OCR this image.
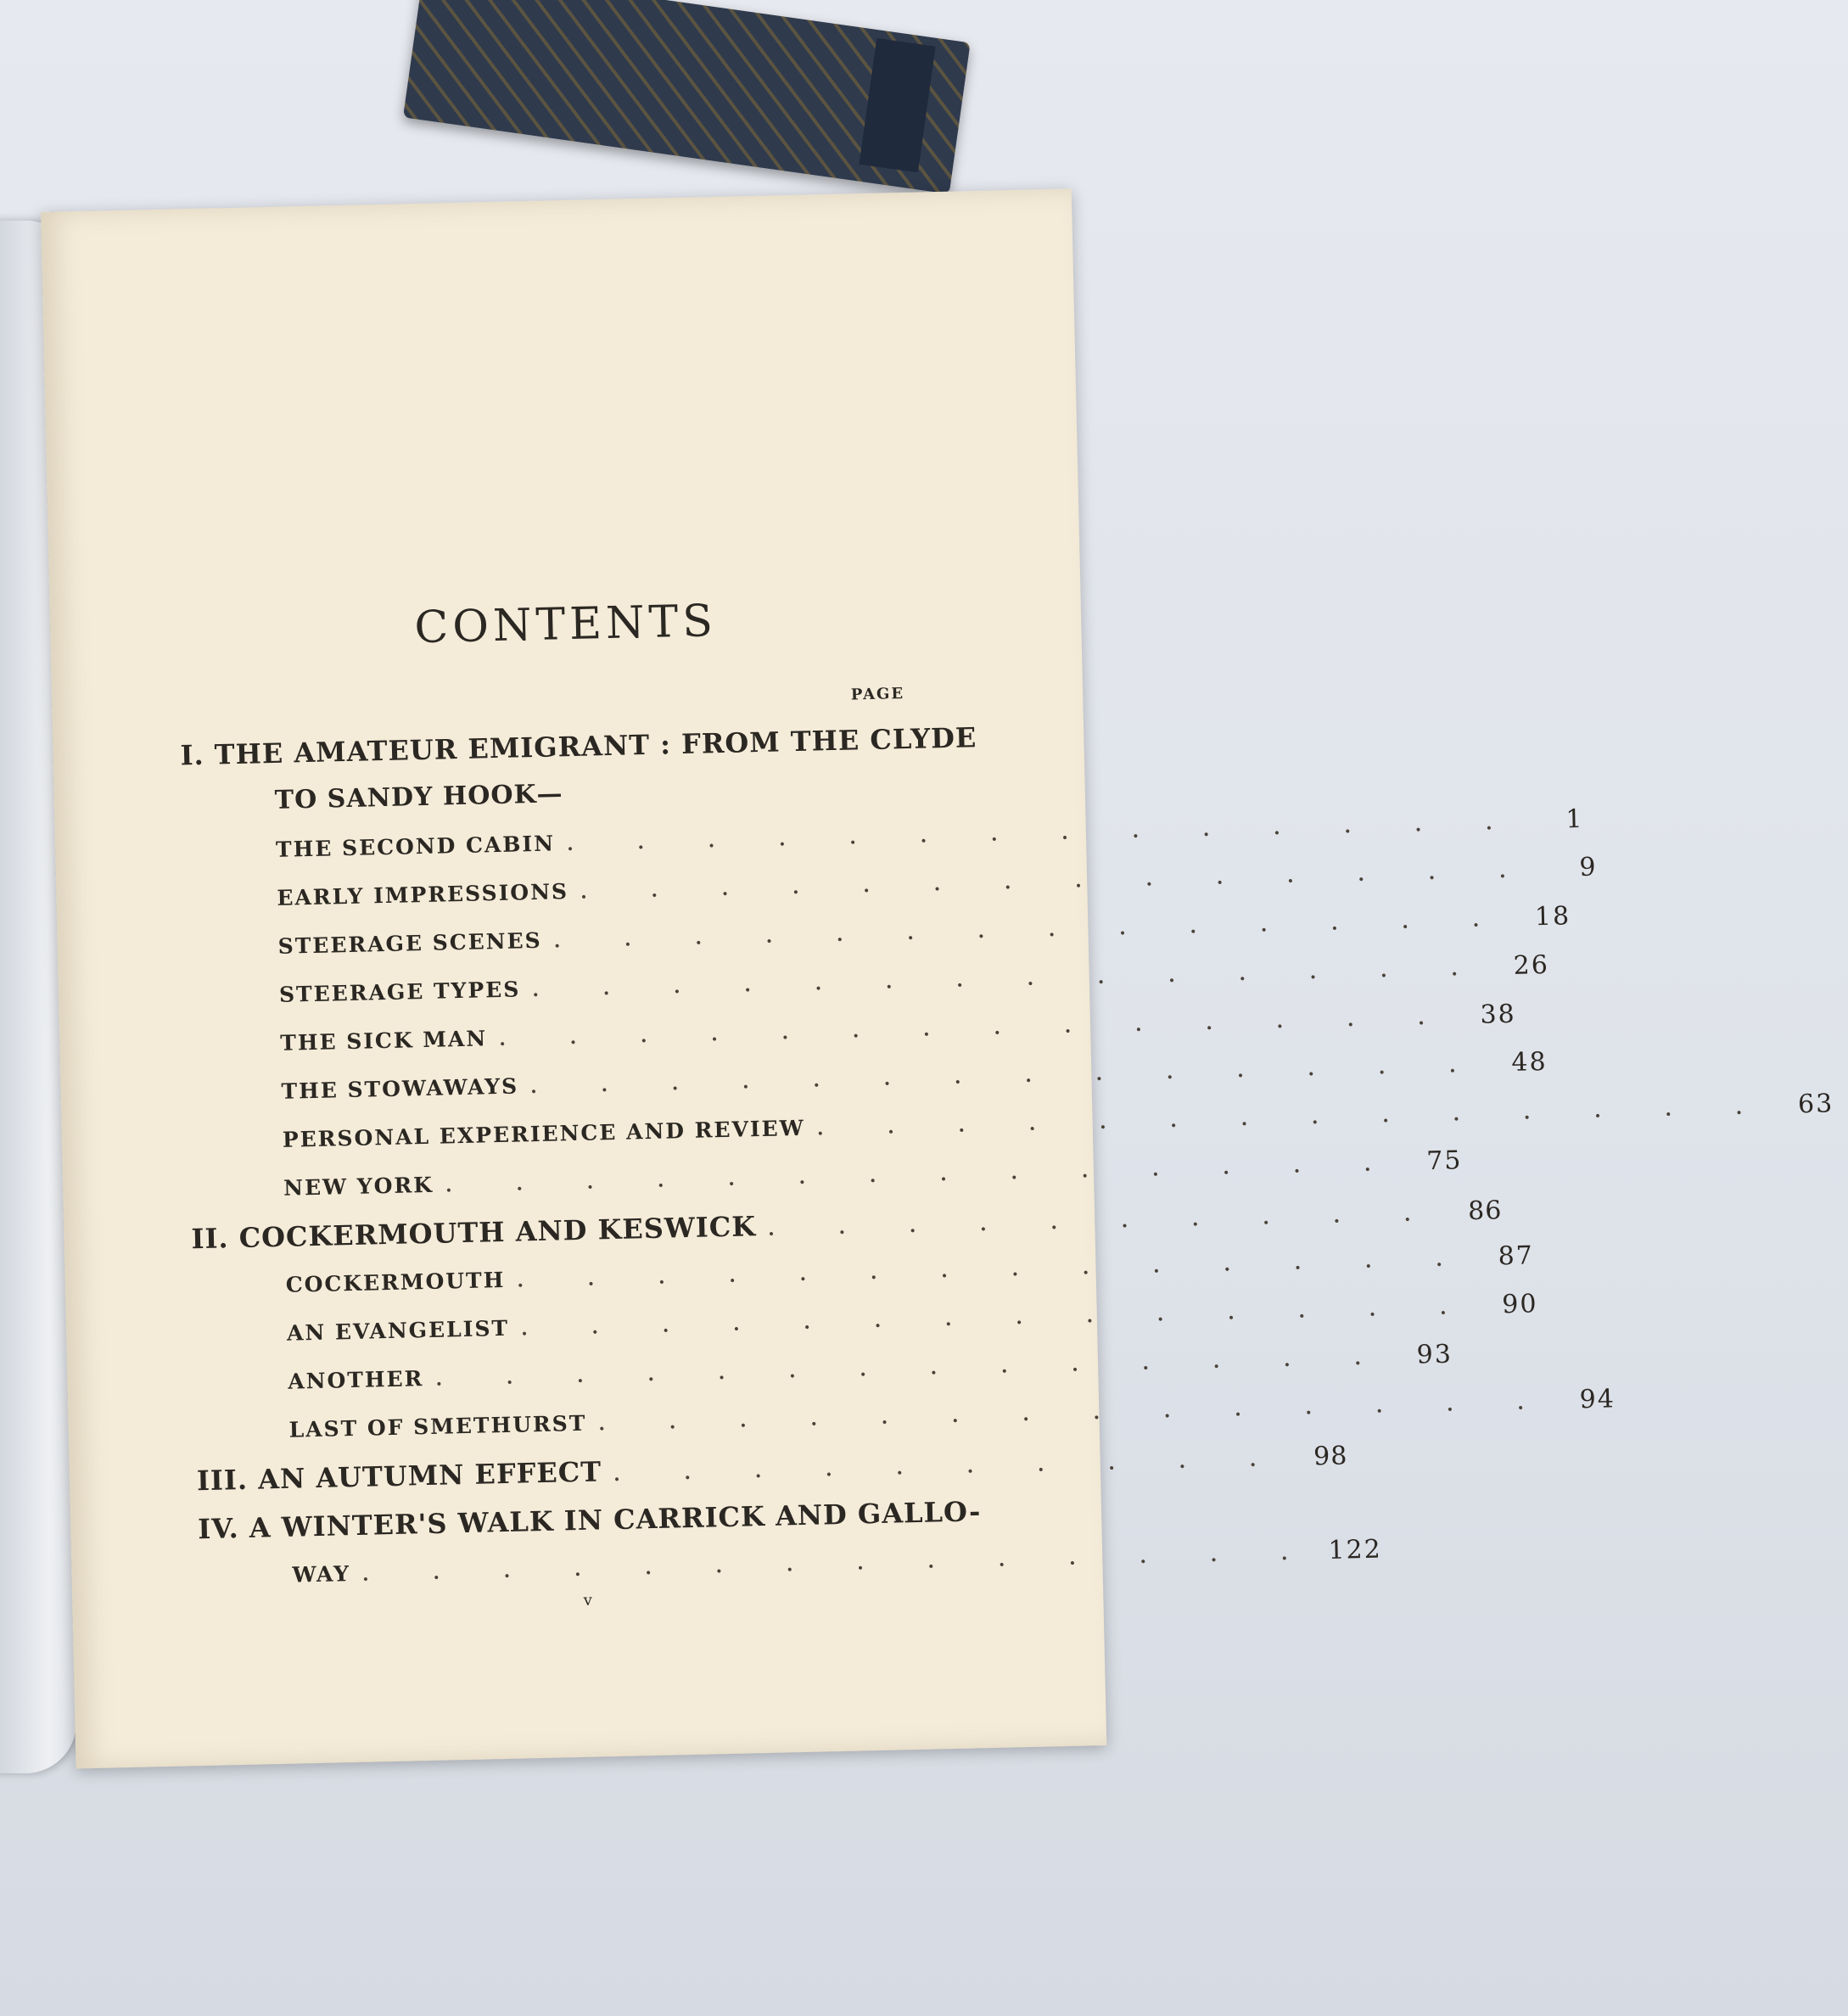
CONTENTS
PAGE
I. THE AMATEUR EMIGRANT : FROM THE CLYDE
TO SANDY HOOK—
THE SECOND CABIN . . . . . . . . . . . . . .	1
EARLY IMPRESSIONS . . . . . . . . . . . . . .	9
STEERAGE SCENES . . . . . . . . . . . . . .	18
STEERAGE TYPES . . . . . . . . . . . . . .	26
THE SICK MAN . . . . . . . . . . . . . .	38
THE STOWAWAYS . . . . . . . . . . . . . .	48
PERSONAL EXPERIENCE AND REVIEW . . . . . . . . . . . . . .	63
NEW YORK . . . . . . . . . . . . . .	75
II. COCKERMOUTH AND KESWICK . . . . . . . . . .	86
COCKERMOUTH . . . . . . . . . . . . . .	87
AN EVANGELIST . . . . . . . . . . . . . .	90
ANOTHER . . . . . . . . . . . . . .	93
LAST OF SMETHURST . . . . . . . . . . . . . .	94
III. AN AUTUMN EFFECT . . . . . . . . . .	98
IV. A WINTER'S WALK IN CARRICK AND GALLO-
WAY . . . . . . . . . . . . . . 122
v
